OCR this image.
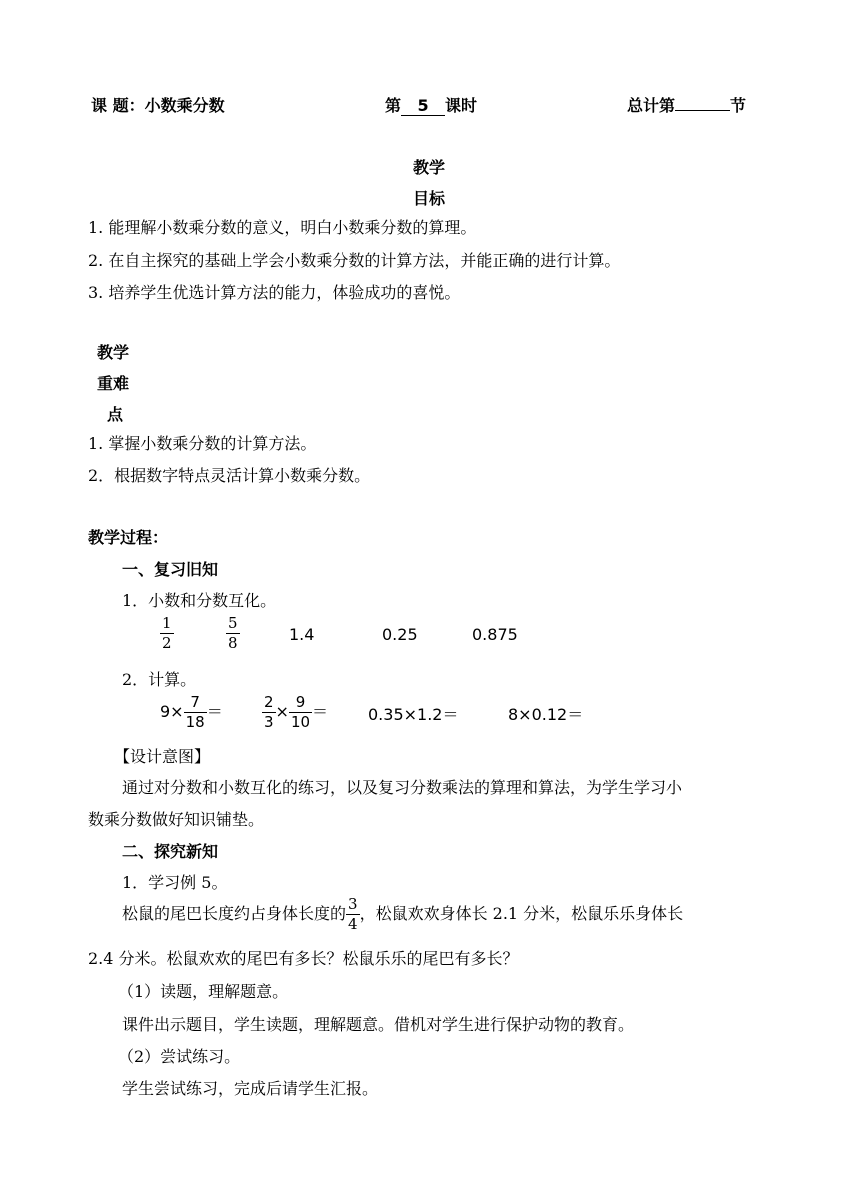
课 题：小数乘分数	第 5 课时	总计第	节
教学
目标
1. 能理解小数乘分数的意义，明白小数乘分数的算理。
2. 在自主探究的基础上学会小数乘分数的计算方法，并能正确的进行计算。
3. 培养学生优选计算方法的能力，体验成功的喜悦。
教学
重难
点
1. 掌握小数乘分数的计算方法。
2．根据数字特点灵活计算小数乘分数。
教学过程：
一、复习旧知
1．小数和分数互化。
$\frac{1}{2}$	$\frac{5}{8}$	1.4	0.25	0.875
2．计算。
$9\times \frac{7}{18}$ ＝	$\frac{2}{3} \times \frac{9}{10} = 0.35\times 1.2=$	8×0.12＝
【设计意图】
通过对分数和小数互化的练习，以及复习分数乘法的算理和算法，为学生学习小
数乘分数做好知识铺垫。
二、探究新知
1．学习例 5。
松鼠的尾巴长度约占身体长度的 $\frac{3}{4}$ ，松鼠欢欢身体长 2.1 分米，松鼠乐乐身体长
2.4 分米。松鼠欢欢的尾巴有多长？松鼠乐乐的尾巴有多长？
（1）读题，理解题意。
课件出示题目，学生读题，理解题意。借机对学生进行保护动物的教育。
（2）尝试练习。
学生尝试练习，完成后请学生汇报。
